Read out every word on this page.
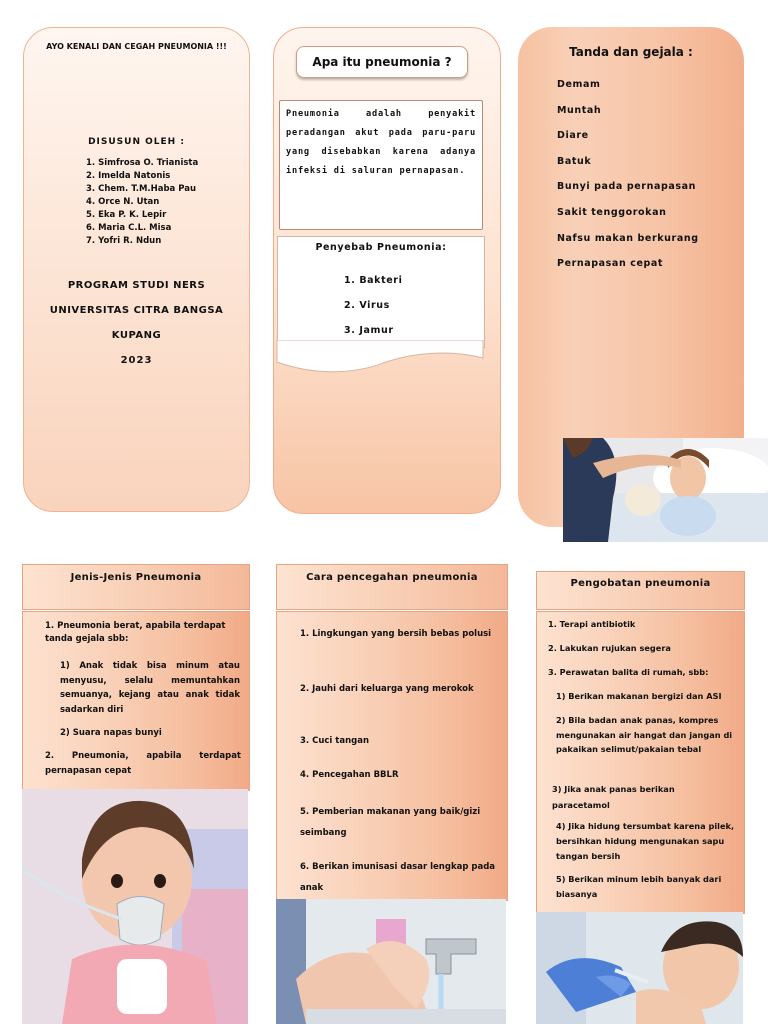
AYO KENALI DAN CEGAH PNEUMONIA !!!
DISUSUN OLEH :
1. Simfrosa O. Trianista
2. Imelda Natonis
3. Chem. T.M.Haba Pau
4. Orce N. Utan
5. Eka P. K. Lepir
6. Maria C.L. Misa
7. Yofri R. Ndun
PROGRAM STUDI NERS
UNIVERSITAS CITRA BANGSA
KUPANG
2023
Apa itu pneumonia ?
Pneumonia adalah penyakit peradangan akut pada paru-paru yang disebabkan karena adanya infeksi di saluran pernapasan.
Penyebab Pneumonia:
1. Bakteri
2. Virus
3. Jamur
Tanda dan gejala :
Demam
Muntah
Diare
Batuk
Bunyi pada pernapasan
Sakit tenggorokan
Nafsu makan berkurang
Pernapasan cepat
Jenis-Jenis Pneumonia
1. Pneumonia berat, apabila terdapat tanda gejala sbb:
1) Anak tidak bisa minum atau menyusu, selalu memuntahkan semuanya, kejang atau anak tidak sadarkan diri
2) Suara napas bunyi
2. Pneumonia, apabila terdapat pernapasan cepat
Cara pencegahan pneumonia
1. Lingkungan yang bersih bebas polusi
2. Jauhi dari keluarga yang merokok
3. Cuci tangan
4. Pencegahan BBLR
5. Pemberian makanan yang baik/gizi seimbang
6. Berikan imunisasi dasar lengkap pada anak
Pengobatan pneumonia
1. Terapi antibiotik
2. Lakukan rujukan segera
3. Perawatan balita di rumah, sbb:
1) Berikan makanan bergizi dan ASI
2) Bila badan anak panas, kompres mengunakan air hangat dan jangan di pakaikan selimut/pakaian tebal
3) Jika anak panas berikan paracetamol
4) Jika hidung tersumbat karena pilek, bersihkan hidung mengunakan sapu tangan bersih
5) Berikan minum lebih banyak dari biasanya
